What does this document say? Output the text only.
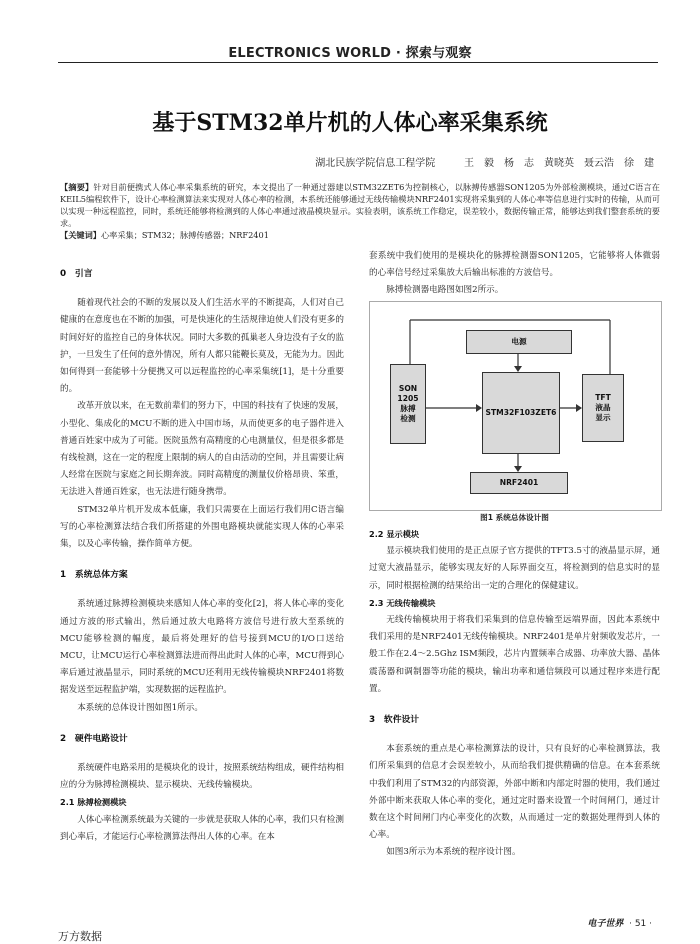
ELECTRONICS WORLD · 探索与观察
基于STM32单片机的人体心率采集系统
湖北民族学院信息工程学院	王　毅　杨　志　黄晓英　聂云浩　徐　建
【摘要】针对目前便携式人体心率采集系统的研究，本文提出了一种通过器建以STM32ZET6为控制核心，以脉搏传感器SON1205为外部检测模块，通过C语言在KEIL5编程软件下，设计心率检测算法来实现对人体心率的检测，本系统还能够通过无线传输模块NRF2401实现将采集到的人体心率等信息进行实时的传输，从而可以实现一种远程监控，同时，系统还能够将检测到的人体心率通过液晶模块显示。实验表明，该系统工作稳定，误差较小，数据传输正常，能够达到我们整套系统的要求。
【关键词】心率采集；STM32；脉搏传感器；NRF2401
0　引言

随着现代社会的不断的发展以及人们生活水平的不断提高，人们对自己健康的在意度也在不断的加强，可是快速化的生活规律迫使人们没有更多的时间好好的监控自己的身体状况。同时大多数的孤巢老人身边没有子女的监护，一旦发生了任何的意外情况，所有人都只能鞭长莫及，无能为力。因此如何得到一套能够十分便携又可以远程监控的心率采集统[1]，是十分重要的。

改革开放以来，在无数前辈们的努力下，中国的科技有了快速的发展，小型化、集成化的MCU不断的进入中国市场，从而使更多的电子器件进入普通百姓家中成为了可能。医院虽然有高精度的心电测量仪，但是很多都是有线检测，这在一定的程度上限制的病人的自由活动的空间，并且需要让病人经常在医院与家庭之间长期奔波。同时高精度的测量仪价格昂贵、笨重，无法进入普通百姓家，也无法进行随身携带。

STM32单片机开发成本低廉，我们只需要在上面运行我们用C语言编写的心率检测算法结合我们所搭建的外围电路模块就能实现人体的心率采集，以及心率传输，操作简单方便。

1　系统总体方案

系统通过脉搏检测模块来感知人体心率的变化[2]，将人体心率的变化通过方波的形式输出，然后通过放大电路将方波信号进行放大至系统的MCU能够检测的幅度，最后将处理好的信号接到MCU的I/O口送给MCU，让MCU运行心率检测算法进而得出此时人体的心率，MCU得到心率后通过液晶显示，同时系统的MCU还利用无线传输模块NRF2401将数据发送至远程监护端，实现数据的远程监护。

本系统的总体设计图如图1所示。

2　硬件电路设计

系统硬件电路采用的是模块化的设计，按照系统结构组成，硬件结构相应的分为脉搏检测模块、显示模块、无线传输模块。

2.1 脉搏检测模块

人体心率检测系统最为关键的一步就是获取人体的心率，我们只有检测到心率后，才能运行心率检测算法得出人体的心率。在本

套系统中我们使用的是模块化的脉搏检测器SON1205，它能够将人体微弱的心率信号经过采集放大后输出标准的方波信号。

脉搏检测器电路图如图2所示。

电源
SON
1205
脉搏
检测
STM32F103ZET6
TFT
液晶
显示
NRF2401
图1 系统总体设计图
2.2 显示模块

显示模块我们使用的是正点原子官方提供的TFT3.5寸的液晶显示屏，通过宽大液晶显示，能够实现友好的人际界面交互，将检测到的信息实时的显示，同时根据检测的结果给出一定的合理化的保健建议。

2.3 无线传输模块

无线传输模块用于将我们采集到的信息传输至远端界面，因此本系统中我们采用的是NRF2401无线传输模块。NRF2401是单片射频收发芯片，一般工作在2.4～2.5Ghz ISM频段，芯片内置频率合成器、功率放大器、晶体震荡器和调制器等功能的模块，输出功率和通信频段可以通过程序来进行配置。

3　软件设计

本套系统的重点是心率检测算法的设计，只有良好的心率检测算法，我们所采集到的信息才会误差较小，从而给我们提供精确的信息。在本套系统中我们利用了STM32的内部资源，外部中断和内部定时器的使用，我们通过外部中断来获取人体心率的变化，通过定时器来设置一个时间闸门，通过计数在这个时间闸门内心率变化的次数，从而通过一定的数据处理得到人体的心率。

如图3所示为本系统的程序设计图。

电子世界 · 51 ·
万方数据
